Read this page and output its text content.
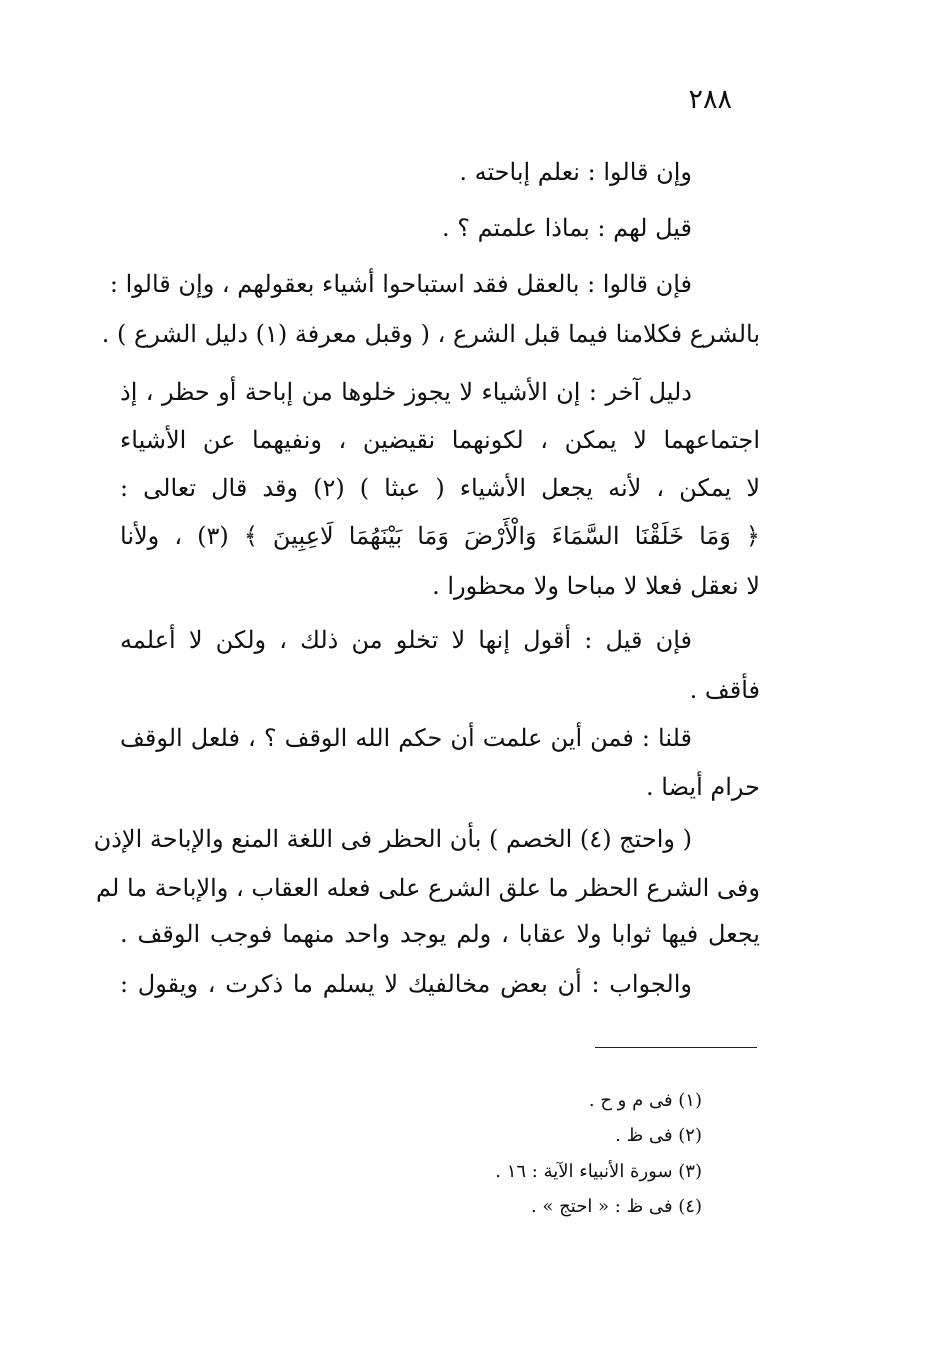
٢٨٨
وإن قالوا : نعلم إباحته .
قيل لهم : بماذا علمتم ؟ .
فإن قالوا : بالعقل فقد استباحوا أشياء بعقولهم ، وإن قالوا :
بالشرع فكلامنا فيما قبل الشرع ، ( وقبل معرفة (١) دليل الشرع ) .
دليل آخر : إن الأشياء لا يجوز خلوها من إباحة أو حظر ، إذ
اجتماعهما لا يمكن ، لكونهما نقيضين ، ونفيهما عن الأشياء
لا يمكن ، لأنه يجعل الأشياء ( عبثا ) (٢) وقد قال تعالى :
﴿ وَمَا خَلَقْنَا السَّمَاءَ وَالْأَرْضَ وَمَا بَيْنَهُمَا لَاعِبِينَ ﴾ (٣) ، ولأنا
لا نعقل فعلا لا مباحا ولا محظورا .
فإن قيل : أقول إنها لا تخلو من ذلك ، ولكن لا أعلمه
فأقف .
قلنا : فمن أين علمت أن حكم الله الوقف ؟ ، فلعل الوقف
حرام أيضا .
( واحتج (٤) الخصم ) بأن الحظر فى اللغة المنع والإباحة الإذن
وفى الشرع الحظر ما علق الشرع على فعله العقاب ، والإباحة ما لم
يجعل فيها ثوابا ولا عقابا ، ولم يوجد واحد منهما فوجب الوقف .
والجواب : أن بعض مخالفيك لا يسلم ما ذكرت ، ويقول :
(١) فى م و ح .
(٢) فى ظ .
(٣) سورة الأنبياء الآية : ١٦ .
(٤) فى ظ : « احتج » .
